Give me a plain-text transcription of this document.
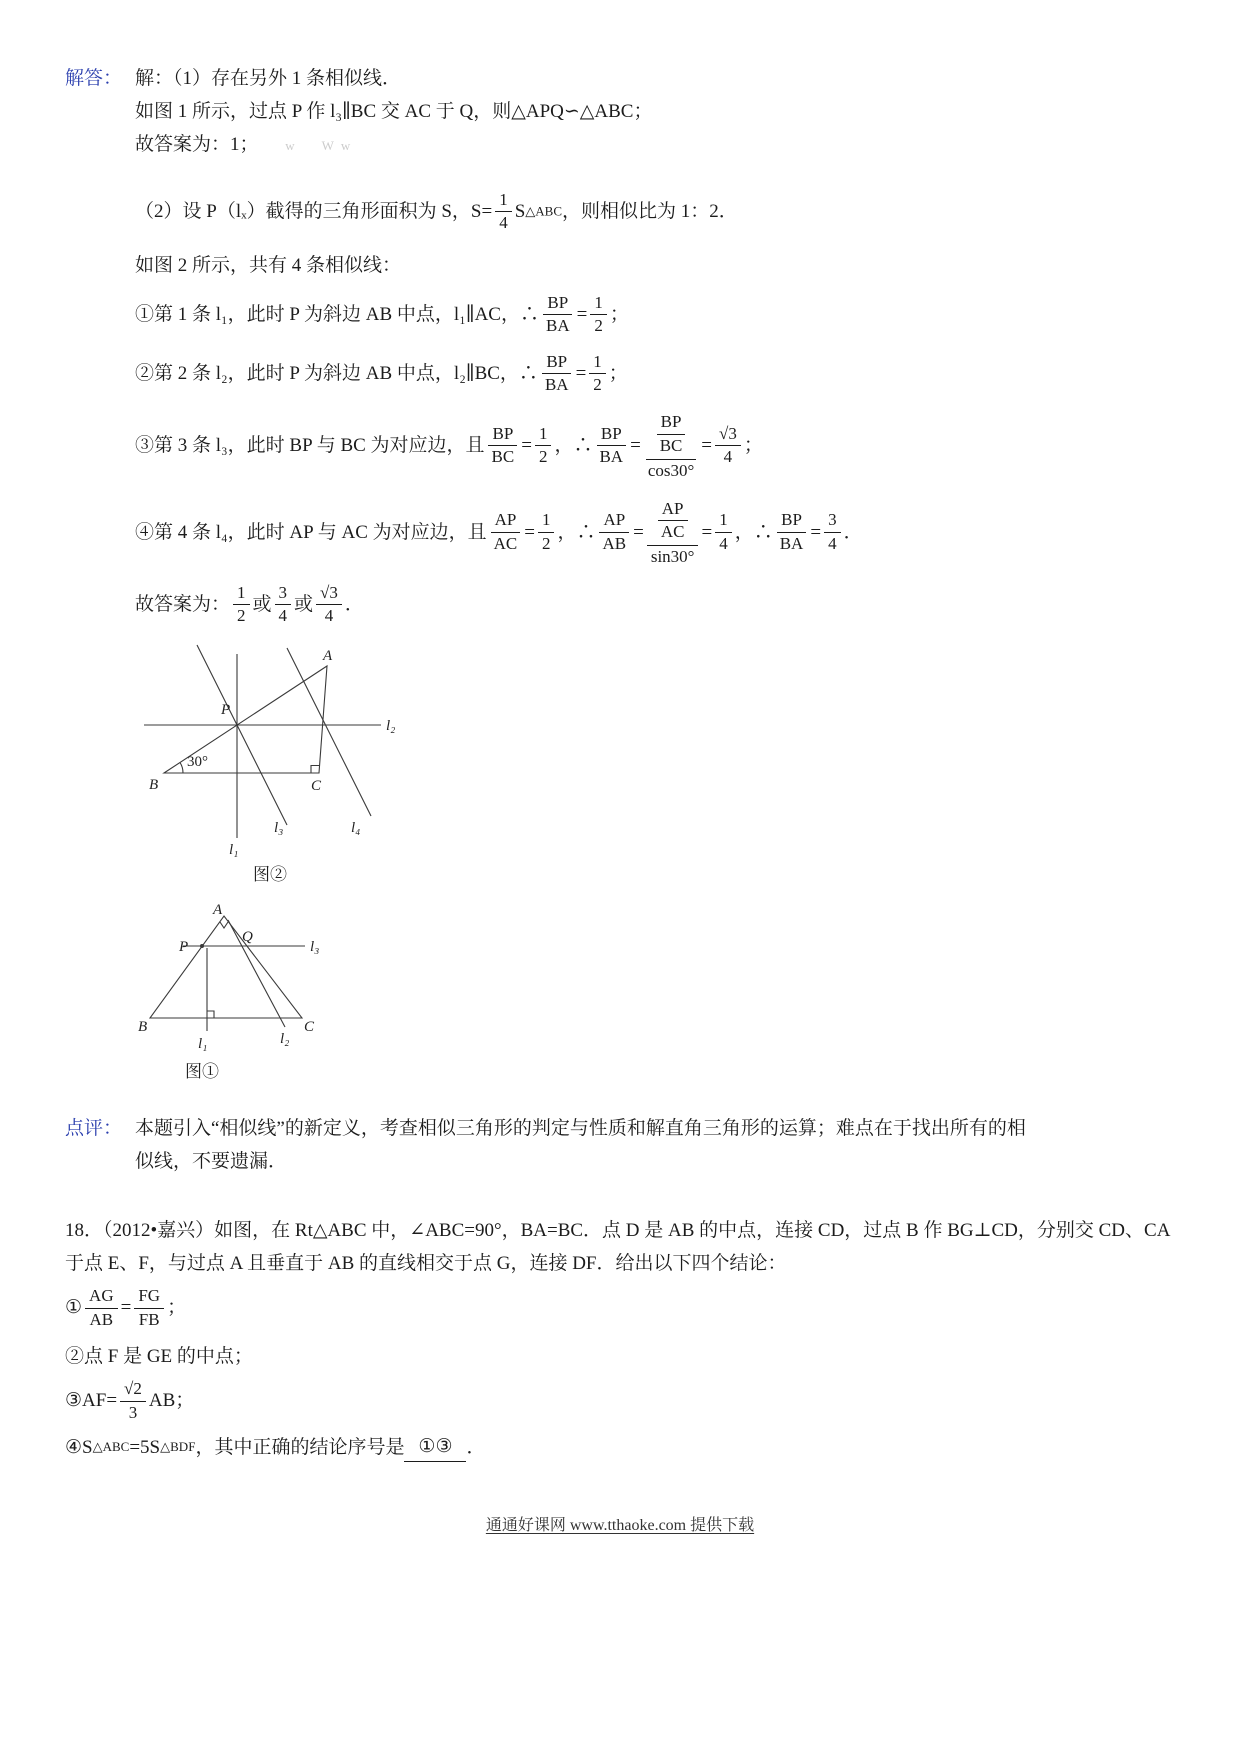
解答： 解：（1）存在另外 1 条相似线．
如图 1 所示，过点 P 作 l₃∥BC 交 AC 于 Q，则△APQ∽△ABC；
故答案为：1； w　Ww
（2）设 P（lₓ）截得的三角形面积为 S，$S= \frac{1}{4}$ S△ABC，则相似比为 1：2．
如图 2 所示，共有 4 条相似线：
①第 1 条 l₁，此时 P 为斜边 AB 中点，l₁∥AC，∴ $\frac{BP}{BA} = \frac{1}{2}$ ；
②第 2 条 l₂，此时 P 为斜边 AB 中点，l₂∥BC，∴ $\frac{BP}{BA} = \frac{1}{2}$ ；
③第 3 条 l₃，此时 BP 与 BC 为对应边，且 $\frac{BP}{BC} = \frac{1}{2}$ ，∴ $\frac{BP}{BA} = \frac{\frac{BP}{BC}}{\cos 30^\circ} = \frac{√3}{4}$ ；
④第 4 条 l₄，此时 AP 与 AC 为对应边，且 $\frac{AP}{AC} = \frac{1}{2}$ ，∴ $\frac{AP}{AB} = \frac{\frac{AP}{AC}}{\sin 30^\circ} = \frac{1}{4}$ ，∴ $\frac{BP}{BA} = \frac{3}{4}$ ．
故答案为： $\frac{1}{2}$ 或 $\frac{3}{4}$ 或 $\frac{√3}{4}$ ．
A
P
l₂
B
30°
C
l₃	l₄
l₁
图②
A
P
Q
l₃
B	C
l₁	l₂
图①
点评： 本题引入“相似线”的新定义，考查相似三角形的判定与性质和解直角三角形的运算；难点在于找出所有的相似线，不要遗漏．

18．（2012•嘉兴）如图，在 Rt△ABC 中，∠ABC=90°，BA=BC．点 D 是 AB 的中点，连接 CD，过点 B 作 BG⊥CD，分别交 CD、CA 于点 E、F，与过点 A 且垂直于 AB 的直线相交于点 G，连接 DF．给出以下四个结论：

① $\frac{AG}{AB} = \frac{FG}{FB}$ ；
②点 F 是 GE 的中点；
③AF= $\frac{√2}{3}$ AB；
④S△ABC=5S△BDF，其中正确的结论序号是①③．
通通好课网 www.tthaoke.com 提供下载
